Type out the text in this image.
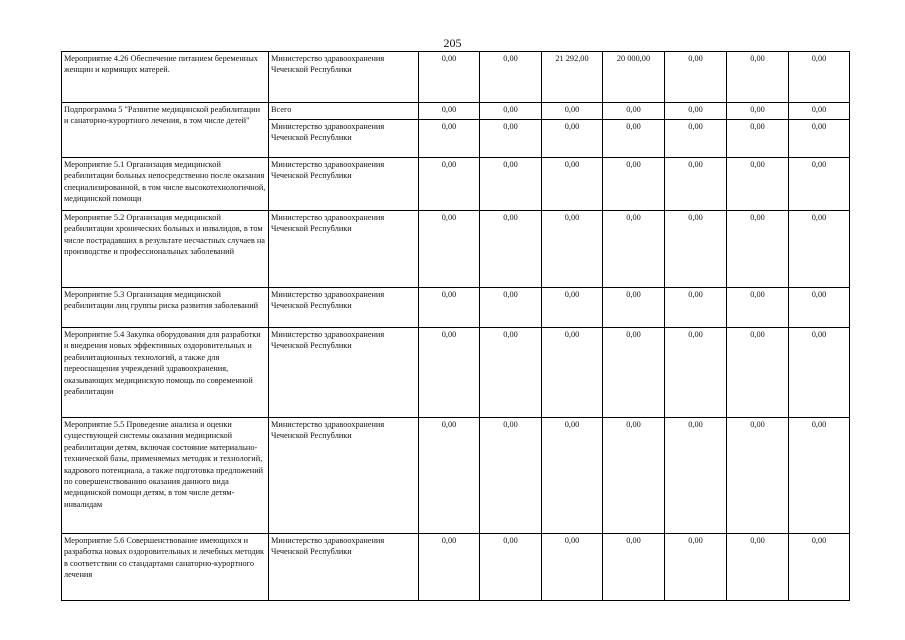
205
Мероприятие 4.26 Обеспечение питанием беременных женщин и кормящих матерей.	Министерство здравоохранения Чеченской Республики	0,00	0,00	21 292,00	20 000,00	0,00	0,00	0,00
Подпрограмма 5 "Развитие медицинской реабилитации и санаторно-курортного лечения, в том числе детей"	Всего	0,00	0,00	0,00	0,00	0,00	0,00	0,00
	Министерство здравоохранения Чеченской Республики	0,00	0,00	0,00	0,00	0,00	0,00	0,00
Мероприятие 5.1 Организация медицинской реабилитации больных непосредственно после оказания специализированной, в том числе высокотехнологичной, медицинской помощи	Министерство здравоохранения Чеченской Республики	0,00	0,00	0,00	0,00	0,00	0,00	0,00
Мероприятие 5.2 Организация медицинской реабилитации хронических больных и инвалидов, в том числе пострадавших в результате несчастных случаев на производстве и профессиональных заболеваний	Министерство здравоохранения Чеченской Республики	0,00	0,00	0,00	0,00	0,00	0,00	0,00
Мероприятие 5.3 Организация медицинской реабилитации лиц группы риска развития заболеваний	Министерство здравоохранения Чеченской Республики	0,00	0,00	0,00	0,00	0,00	0,00	0,00
Мероприятие 5.4 Закупка оборудования для разработки и внедрения новых эффективных оздоровительных и реабилитационных технологий, а также для переоснащения учреждений здравоохранения, оказывающих медицинскую помощь по современной реабилитации	Министерство здравоохранения Чеченской Республики	0,00	0,00	0,00	0,00	0,00	0,00	0,00
Мероприятие 5.5 Проведение анализа и оценки существующей системы оказания медицинской реабилитации детям, включая состояние материально-технической базы, применяемых методик и технологий, кадрового потенциала, а также подготовка предложений по совершенствованию оказания данного вида медицинской помощи детям, в том числе детям-инвалидам	Министерство здравоохранения Чеченской Республики	0,00	0,00	0,00	0,00	0,00	0,00	0,00
Мероприятие 5.6 Совершенствование имеющихся и разработка новых оздоровительных и лечебных методик в соответствии со стандартами санаторно-курортного лечения	Министерство здравоохранения Чеченской Республики	0,00	0,00	0,00	0,00	0,00	0,00	0,00
